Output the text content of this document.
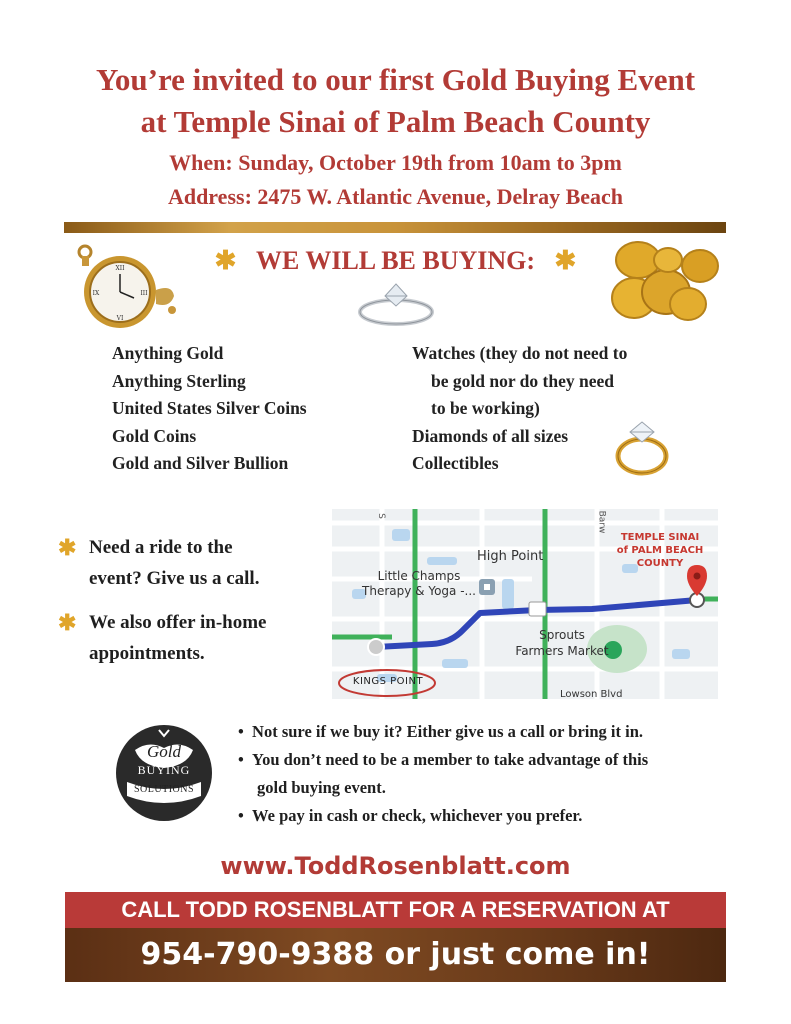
You’re invited to our first Gold Buying Event
at Temple Sinai of Palm Beach County
When: Sunday, October 19th from 10am to 3pm
Address: 2475 W. Atlantic Avenue, Delray Beach
XII
III
VI
IX
✱ WE WILL BE BUYING: ✱
Anything Gold
Anything Sterling
United States Silver Coins
Gold Coins
Gold and Silver Bullion
Watches (they do not need to
be gold nor do they need
to be working)
Diamonds of all sizes
Collectibles
✱ Need a ride to the
event? Give us a call.
✱ We also offer in-home
appointments.
TEMPLE SINAI
of PALM BEACH
COUNTY
High Point
Little Champs
Therapy & Yoga -...
Sprouts
Farmers Market
KINGS POINT
Lowson Blvd
S	Barw
Gold
BUYING
SOLUTIONS
•  Not sure if we buy it? Either give us a call or bring it in.
•  You don’t need to be a member to take advantage of this
gold buying event.
•  We pay in cash or check, whichever you prefer.
www.ToddRosenblatt.com
CALL TODD ROSENBLATT FOR A RESERVATION AT
954-790-9388 or just come in!
